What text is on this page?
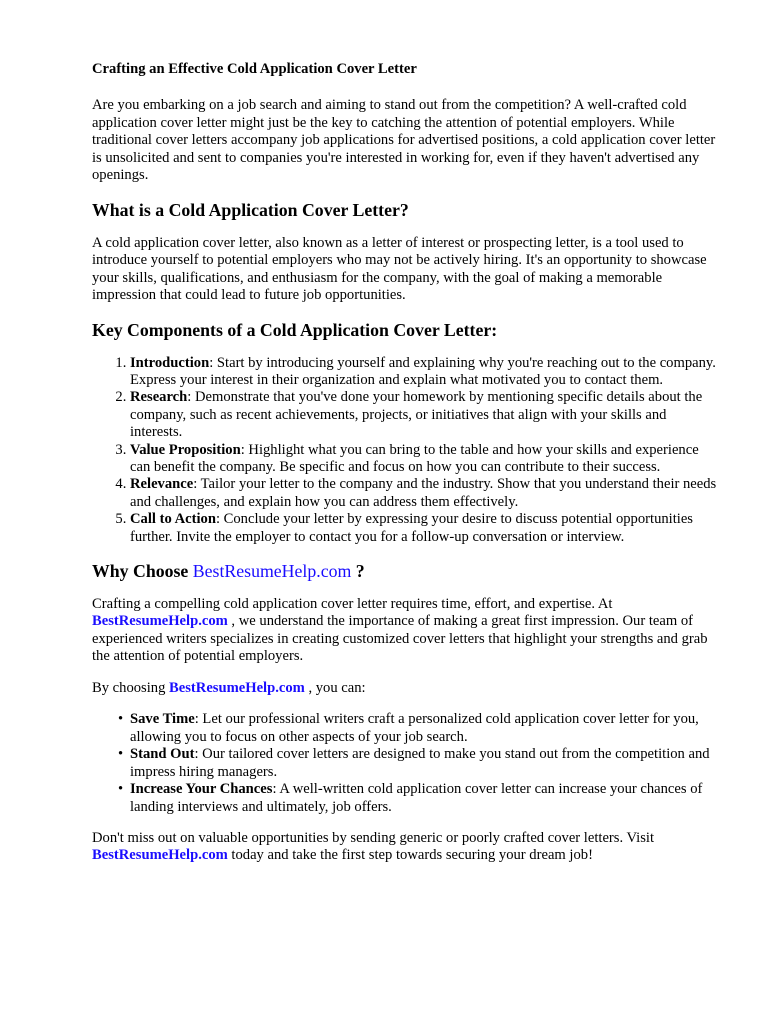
Crafting an Effective Cold Application Cover Letter

Are you embarking on a job search and aiming to stand out from the competition? A well-crafted cold application cover letter might just be the key to catching the attention of potential employers. While traditional cover letters accompany job applications for advertised positions, a cold application cover letter is unsolicited and sent to companies you're interested in working for, even if they haven't advertised any openings.

What is a Cold Application Cover Letter?

A cold application cover letter, also known as a letter of interest or prospecting letter, is a tool used to introduce yourself to potential employers who may not be actively hiring. It's an opportunity to showcase your skills, qualifications, and enthusiasm for the company, with the goal of making a memorable impression that could lead to future job opportunities.

Key Components of a Cold Application Cover Letter:
1. Introduction: Start by introducing yourself and explaining why you're reaching out to the company. Express your interest in their organization and explain what motivated you to contact them.
2. Research: Demonstrate that you've done your homework by mentioning specific details about the company, such as recent achievements, projects, or initiatives that align with your skills and interests.
3. Value Proposition: Highlight what you can bring to the table and how your skills and experience can benefit the company. Be specific and focus on how you can contribute to their success.
4. Relevance: Tailor your letter to the company and the industry. Show that you understand their needs and challenges, and explain how you can address them effectively.
5. Call to Action: Conclude your letter by expressing your desire to discuss potential opportunities further. Invite the employer to contact you for a follow-up conversation or interview.
Why Choose BestResumeHelp.com ?

Crafting a compelling cold application cover letter requires time, effort, and expertise. At BestResumeHelp.com , we understand the importance of making a great first impression. Our team of experienced writers specializes in creating customized cover letters that highlight your strengths and grab the attention of potential employers.

By choosing BestResumeHelp.com , you can:

• Save Time: Let our professional writers craft a personalized cold application cover letter for you, allowing you to focus on other aspects of your job search.
• Stand Out: Our tailored cover letters are designed to make you stand out from the competition and impress hiring managers.
• Increase Your Chances: A well-written cold application cover letter can increase your chances of landing interviews and ultimately, job offers.

Don't miss out on valuable opportunities by sending generic or poorly crafted cover letters. Visit BestResumeHelp.com today and take the first step towards securing your dream job!
